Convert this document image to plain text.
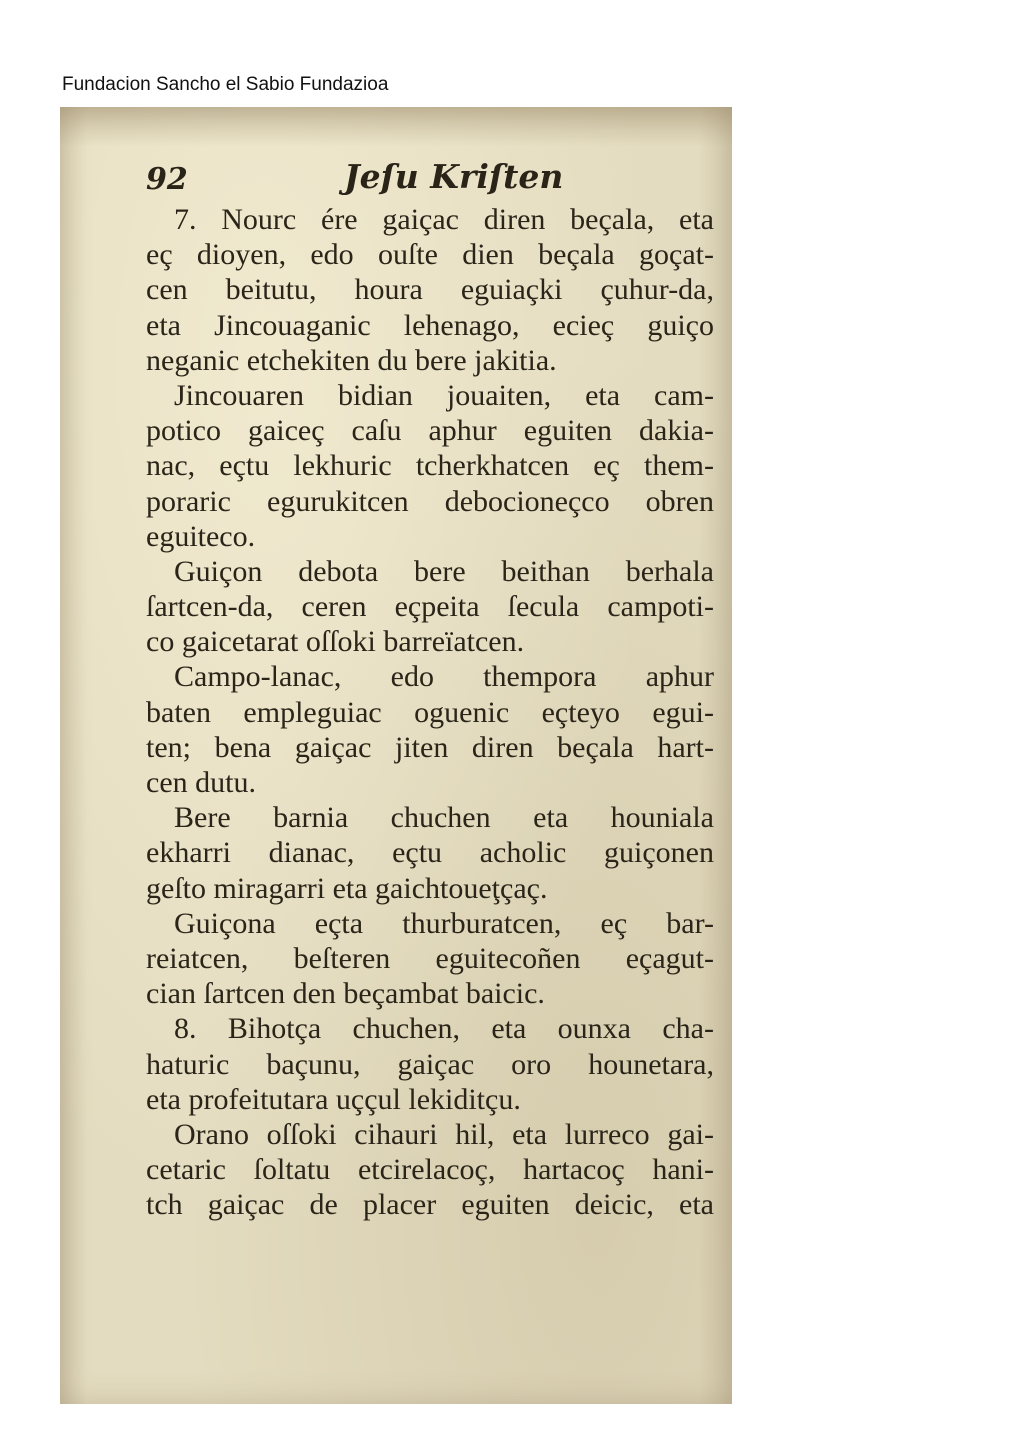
Fundacion Sancho el Sabio Fundazioa
92	Jeſu Kriſten
7. Nourc ére gaiçac diren beçala, eta
eç dioyen, edo ouſte dien beçala goçat-
cen beitutu, houra eguiaçki çuhur-da,
eta Jincouaganic lehenago, ecieç guiço
neganic etchekiten du bere jakitia.
Jincouaren bidian jouaiten, eta cam-
potico gaiceç caſu aphur eguiten dakia-
nac, eçtu lekhuric tcherkhatcen eç them-
poraric egurukitcen debocioneçco obren
eguiteco.
Guiçon debota bere beithan berhala
ſartcen-da, ceren eçpeita ſecula campoti-
co gaicetarat oſſoki barreïatcen.
Campo-lanac, edo thempora aphur
baten empleguiac oguenic eçteyo egui-
ten; bena gaiçac jiten diren beçala hart-
cen dutu.
Bere barnia chuchen eta houniala
ekharri dianac, eçtu acholic guiçonen
geſto miragarri eta gaichtoueţçaç.
Guiçona eçta thurburatcen, eç bar-
reiatcen, beſteren eguitecoñen eçagut-
cian ſartcen den beçambat baicic.
8. Bihotça chuchen, eta ounxa cha-
haturic baçunu, gaiçac oro hounetara,
eta profeitutara uççul lekiditçu.
Orano oſſoki cihauri hil, eta lurreco gai-
cetaric ſoltatu etcirelacoç, hartacoç hani-
tch gaiçac de placer eguiten deicic, eta
